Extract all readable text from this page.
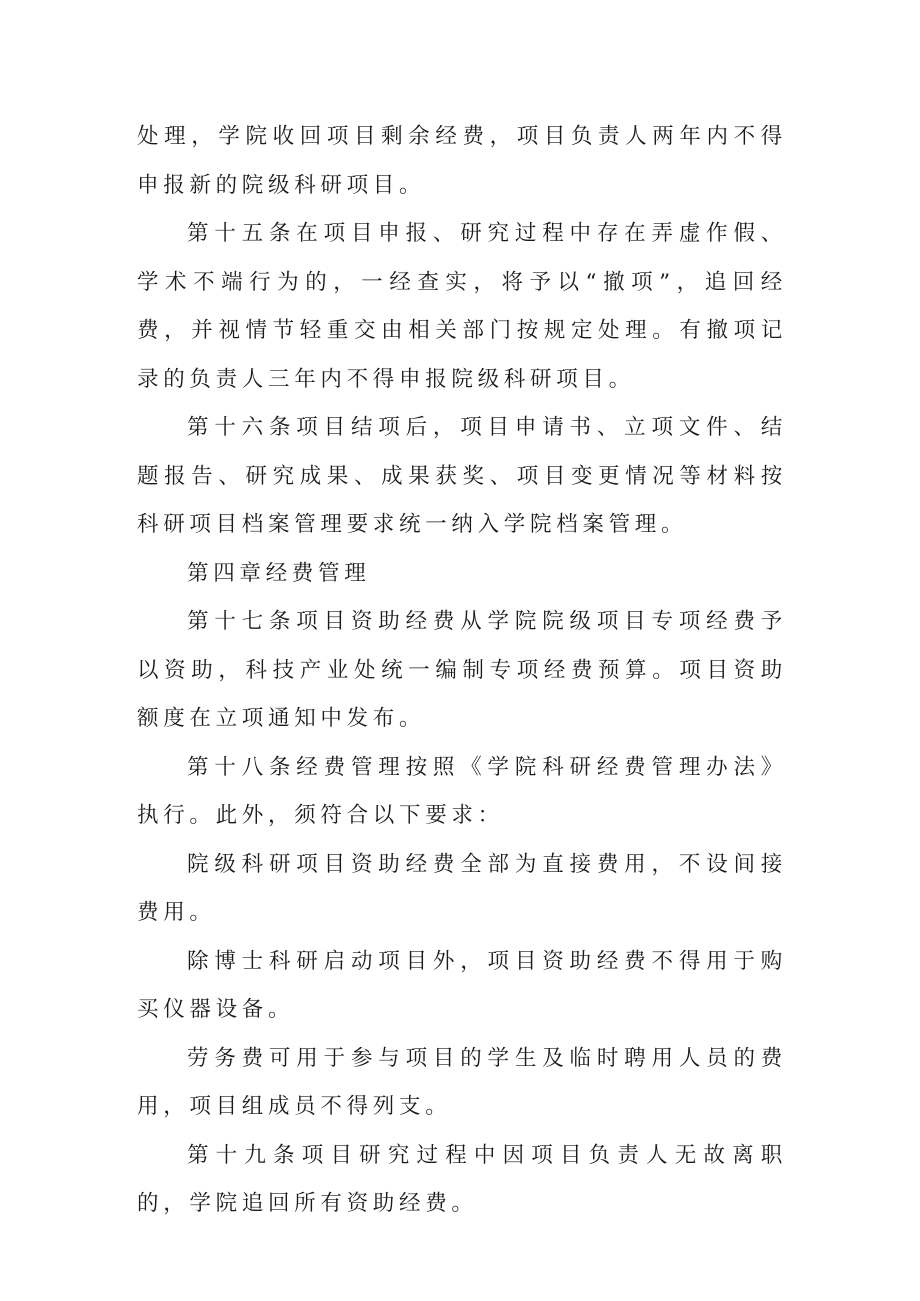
处理，学院收回项目剩余经费，项目负责人两年内不得申报新的院级科研项目。

第十五条在项目申报、研究过程中存在弄虚作假、学术不端行为的，一经查实，将予以“撤项”，追回经费，并视情节轻重交由相关部门按规定处理。有撤项记录的负责人三年内不得申报院级科研项目。

第十六条项目结项后，项目申请书、立项文件、结题报告、研究成果、成果获奖、项目变更情况等材料按科研项目档案管理要求统一纳入学院档案管理。

第四章经费管理

第十七条项目资助经费从学院院级项目专项经费予以资助，科技产业处统一编制专项经费预算。项目资助额度在立项通知中发布。

第十八条经费管理按照《学院科研经费管理办法》执行。此外，须符合以下要求：

院级科研项目资助经费全部为直接费用，不设间接费用。

除博士科研启动项目外，项目资助经费不得用于购买仪器设备。

劳务费可用于参与项目的学生及临时聘用人员的费用，项目组成员不得列支。

第十九条项目研究过程中因项目负责人无故离职的，学院追回所有资助经费。
